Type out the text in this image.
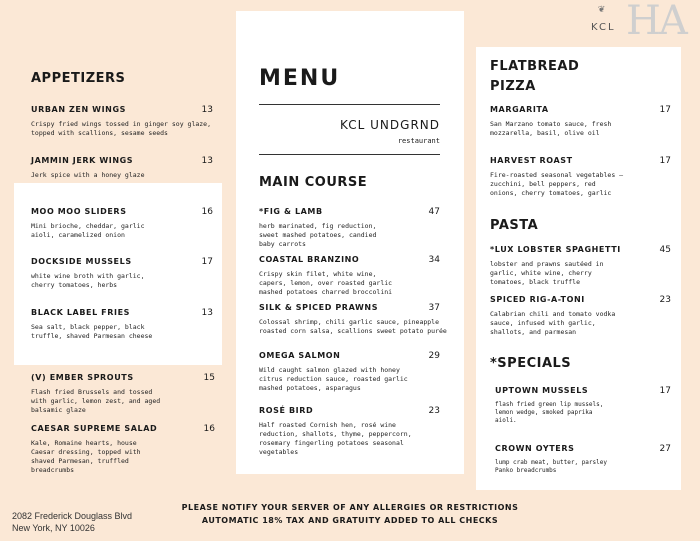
❦
KCL HA
APPETIZERS
URBAN ZEN WINGS	13
Crispy fried wings tossed in ginger soy glaze, topped with scallions, sesame seeds
JAMMIN JERK WINGS	13
Jerk spice with a honey glaze
MOO MOO SLIDERS	16
Mini brioche, cheddar, garlic aioli, caramelized onion
DOCKSIDE MUSSELS	17
white wine broth with garlic, cherry tomatoes, herbs
BLACK LABEL FRIES	13
Sea salt, black pepper, black truffle, shaved Parmesan cheese
(V) EMBER SPROUTS	15
Flash fried Brussels and tossed with garlic, lemon zest, and aged balsamic glaze
CAESAR SUPREME SALAD	16
Kale, Romaine hearts, house Caesar dressing, topped with shaved Parmesan, truffled breadcrumbs
MENU
KCL UNDGRND
restaurant
MAIN COURSE
*FIG & LAMB	47
herb marinated, fig reduction, sweet mashed potatoes, candied baby carrots
COASTAL BRANZINO	34
Crispy skin filet, white wine, capers, lemon, over roasted garlic mashed potatoes charred broccolini
SILK & SPICED PRAWNS	37
Colossal shrimp, chili garlic sauce, pineapple roasted corn salsa, scallions sweet potato purée
OMEGA SALMON	29
Wild caught salmon glazed with honey citrus reduction sauce, roasted garlic mashed potatoes, asparagus
ROSÉ BIRD	23
Half roasted Cornish hen, rosé wine reduction, shallots, thyme, peppercorn, rosemary fingerling potatoes seasonal vegetables
FLATBREAD
PIZZA
MARGARITA	17
San Marzano tomato sauce, fresh mozzarella, basil, olive oil
HARVEST ROAST	17
Fire-roasted seasonal vegetables —zucchini, bell peppers, red onions, cherry tomatoes, garlic
PASTA
*LUX LOBSTER SPAGHETTI	45
lobster and prawns sautéed in garlic, white wine, cherry tomatoes, black truffle
SPICED RIG-A-TONI	23
Calabrian chili and tomato vodka sauce, infused with garlic, shallots, and parmesan
*SPECIALS
UPTOWN MUSSELS	17
flash fried green lip mussels, lemon wedge, smoked paprika aioli.
CROWN OYTERS	27
lump crab meat, butter, parsley Panko breadcrumbs
2082 Frederick Douglass Blvd
New York, NY 10026
PLEASE NOTIFY YOUR SERVER OF ANY ALLERGIES OR RESTRICTIONS
AUTOMATIC 18% TAX AND GRATUITY ADDED TO ALL CHECKS
